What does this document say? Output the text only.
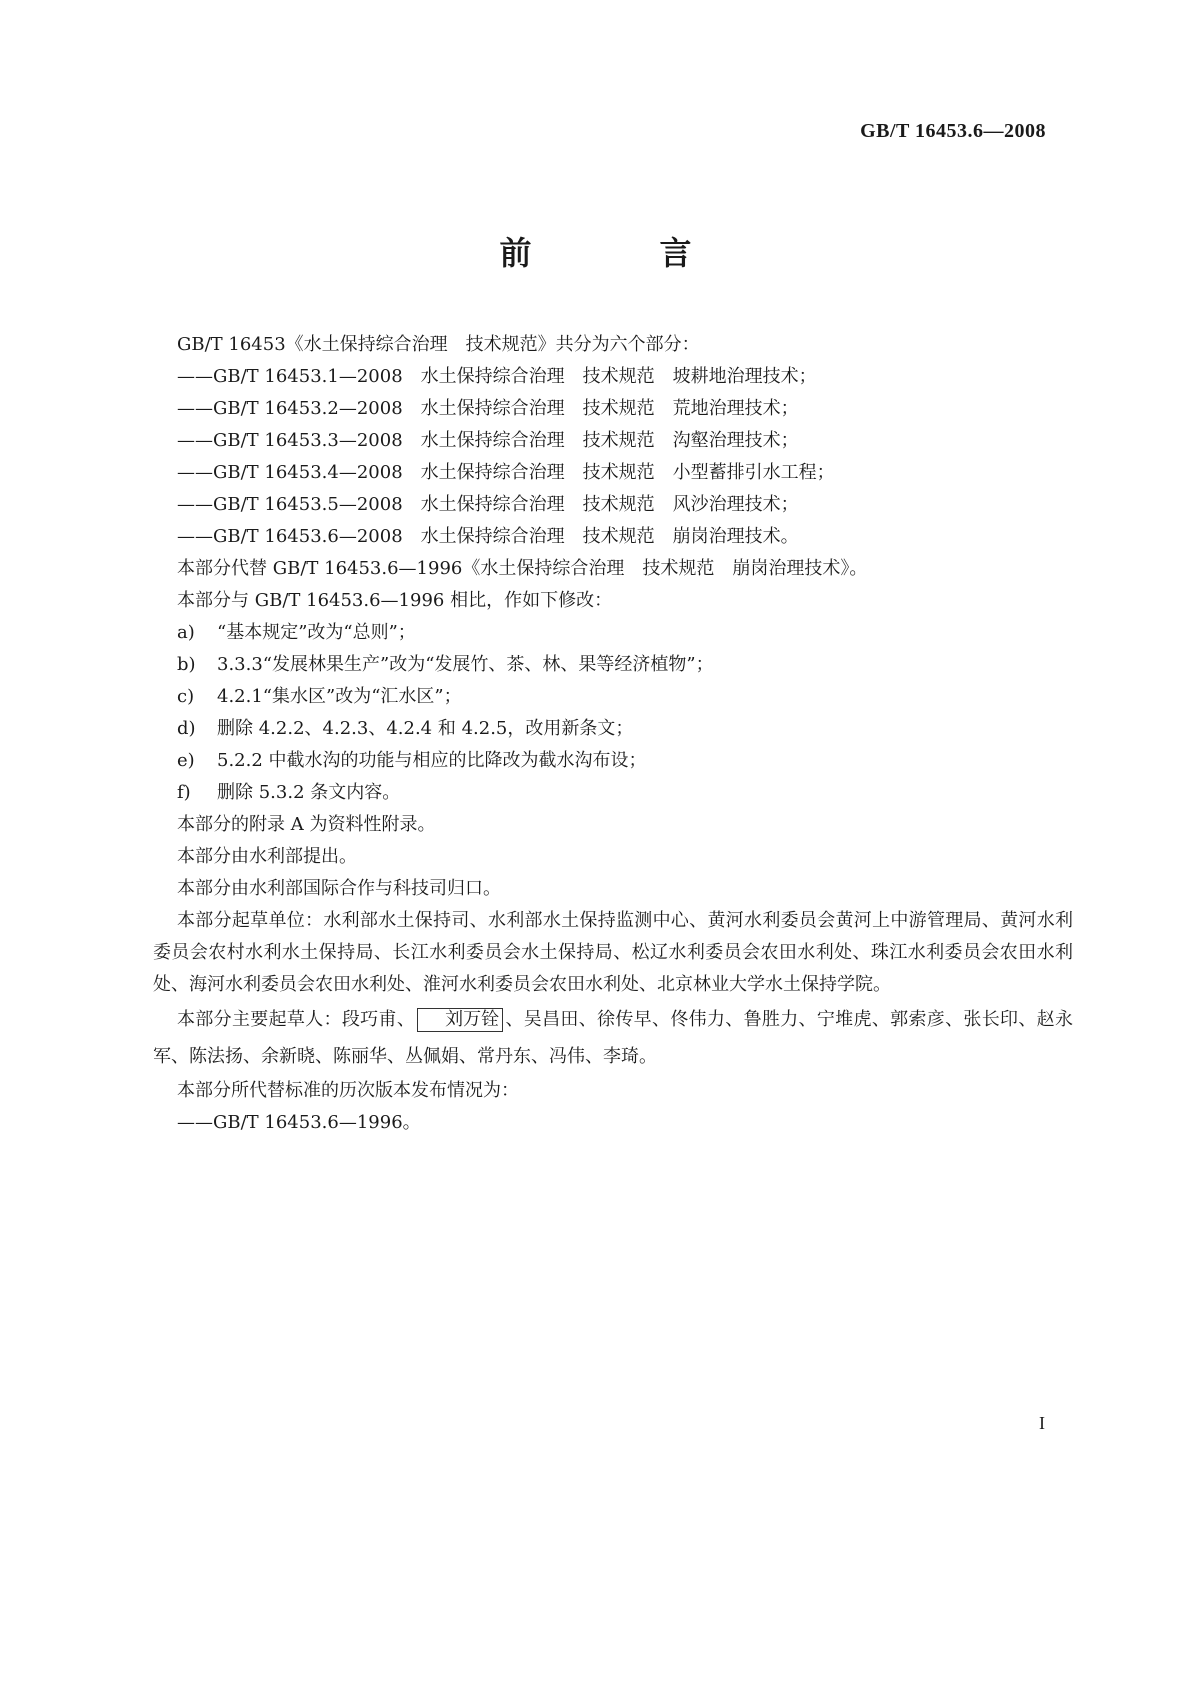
GB/T 16453.6—2008
前　言
GB/T 16453《水土保持综合治理　技术规范》共分为六个部分：
——GB/T 16453.1—2008　水土保持综合治理　技术规范　坡耕地治理技术；
——GB/T 16453.2—2008　水土保持综合治理　技术规范　荒地治理技术；
——GB/T 16453.3—2008　水土保持综合治理　技术规范　沟壑治理技术；
——GB/T 16453.4—2008　水土保持综合治理　技术规范　小型蓄排引水工程；
——GB/T 16453.5—2008　水土保持综合治理　技术规范　风沙治理技术；
——GB/T 16453.6—2008　水土保持综合治理　技术规范　崩岗治理技术。
本部分代替 GB/T 16453.6—1996《水土保持综合治理　技术规范　崩岗治理技术》。
本部分与 GB/T 16453.6—1996 相比，作如下修改：
a) “基本规定”改为“总则”；
b) 3.3.3“发展林果生产”改为“发展竹、茶、林、果等经济植物”；
c) 4.2.1“集水区”改为“汇水区”；
d) 删除 4.2.2、4.2.3、4.2.4 和 4.2.5，改用新条文；
e) 5.2.2 中截水沟的功能与相应的比降改为截水沟布设；
f) 删除 5.3.2 条文内容。
本部分的附录 A 为资料性附录。
本部分由水利部提出。
本部分由水利部国际合作与科技司归口。

本部分起草单位：水利部水土保持司、水利部水土保持监测中心、黄河水利委员会黄河上中游管理局、黄河水利委员会农村水利水土保持局、长江水利委员会水土保持局、松辽水利委员会农田水利处、珠江水利委员会农田水利处、海河水利委员会农田水利处、淮河水利委员会农田水利处、北京林业大学水土保持学院。

本部分主要起草人：段巧甫、 刘万铨 、吴昌田、徐传早、佟伟力、鲁胜力、宁堆虎、郭索彦、张长印、赵永军、陈法扬、余新晓、陈丽华、丛佩娟、常丹东、冯伟、李琦。

本部分所代替标准的历次版本发布情况为：
——GB/T 16453.6—1996。
I
